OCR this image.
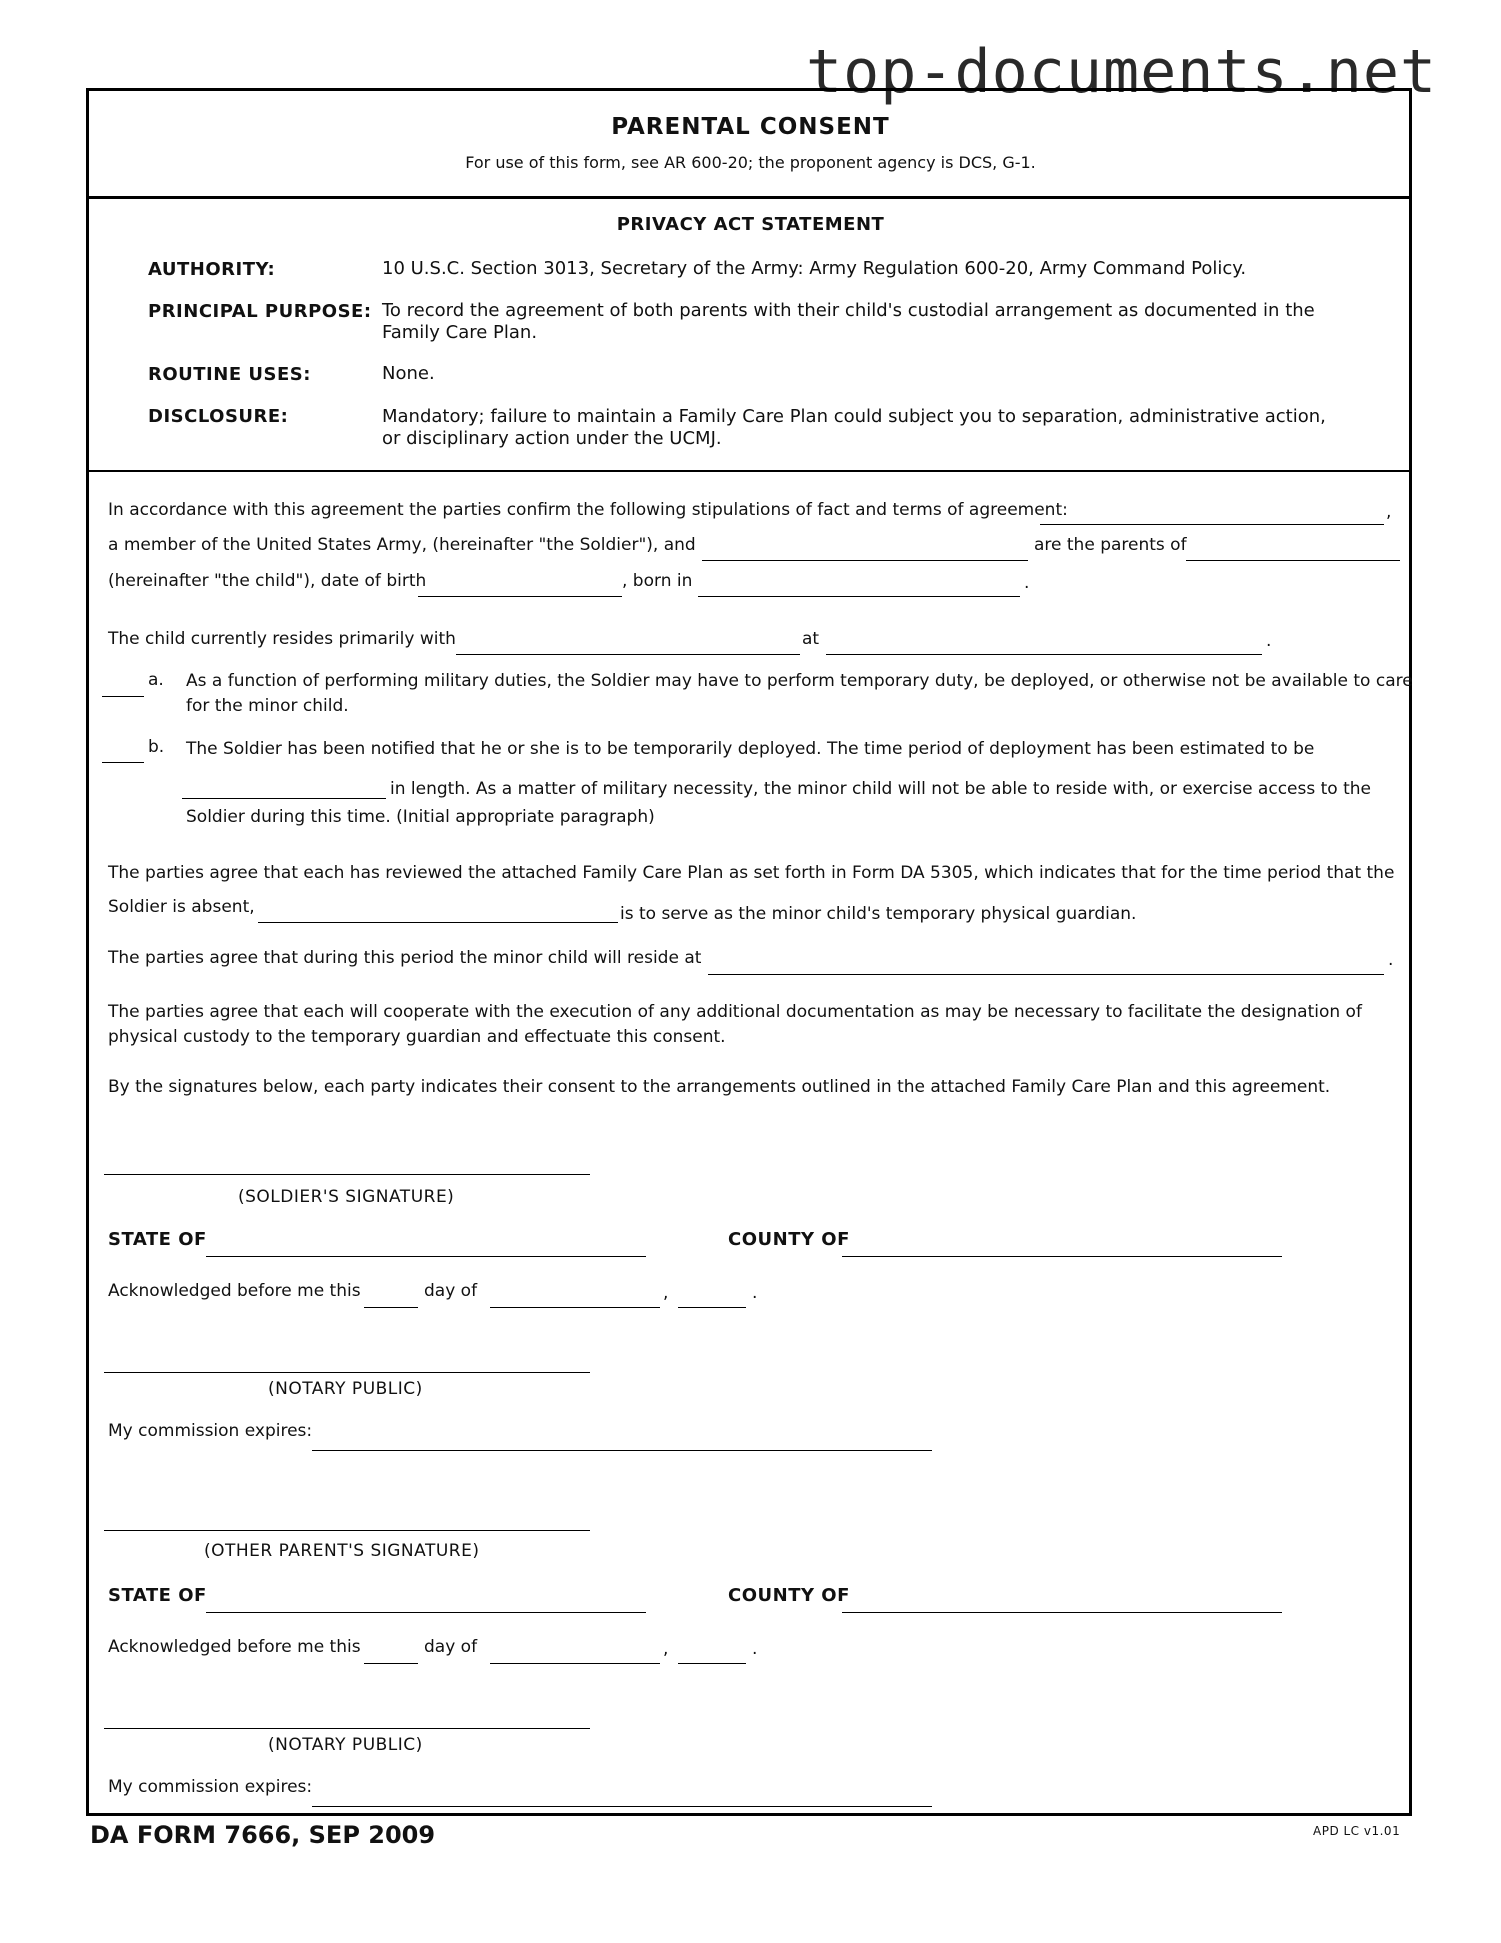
top-documents.net
PARENTAL CONSENT
For use of this form, see AR 600-20; the proponent agency is DCS, G-1.
PRIVACY ACT STATEMENT
AUTHORITY:	10 U.S.C. Section 3013, Secretary of the Army: Army Regulation 600-20, Army Command Policy.
PRINCIPAL PURPOSE: To record the agreement of both parents with their child's custodial arrangement as documented in the Family Care Plan.
ROUTINE USES:	None.
DISCLOSURE:	Mandatory; failure to maintain a Family Care Plan could subject you to separation, administrative action, or disciplinary action under the UCMJ.
In accordance with this agreement the parties confirm the following stipulations of fact and terms of agreement:	,
a member of the United States Army, (hereinafter "the Soldier"), and	are the parents of
(hereinafter "the child"), date of birth	, born in	.
The child currently resides primarily with	at	.
a. As a function of performing military duties, the Soldier may have to perform temporary duty, be deployed, or otherwise not be available to care for the minor child.
b. The Soldier has been notified that he or she is to be temporarily deployed. The time period of deployment has been estimated to be
in length. As a matter of military necessity, the minor child will not be able to reside with, or exercise access to the
Soldier during this time. (Initial appropriate paragraph)
The parties agree that each has reviewed the attached Family Care Plan as set forth in Form DA 5305, which indicates that for the time period that the
Soldier is absent,	is to serve as the minor child's temporary physical guardian.
The parties agree that during this period the minor child will reside at	.
The parties agree that each will cooperate with the execution of any additional documentation as may be necessary to facilitate the designation of physical custody to the temporary guardian and effectuate this consent.
By the signatures below, each party indicates their consent to the arrangements outlined in the attached Family Care Plan and this agreement.
(SOLDIER'S SIGNATURE)
STATE OF	COUNTY OF
Acknowledged before me this	day of	,	.
(NOTARY PUBLIC)
My commission expires:
(OTHER PARENT'S SIGNATURE)
STATE OF	COUNTY OF
Acknowledged before me this	day of	,	.
(NOTARY PUBLIC)
My commission expires:
DA FORM 7666, SEP 2009	APD LC v1.01
